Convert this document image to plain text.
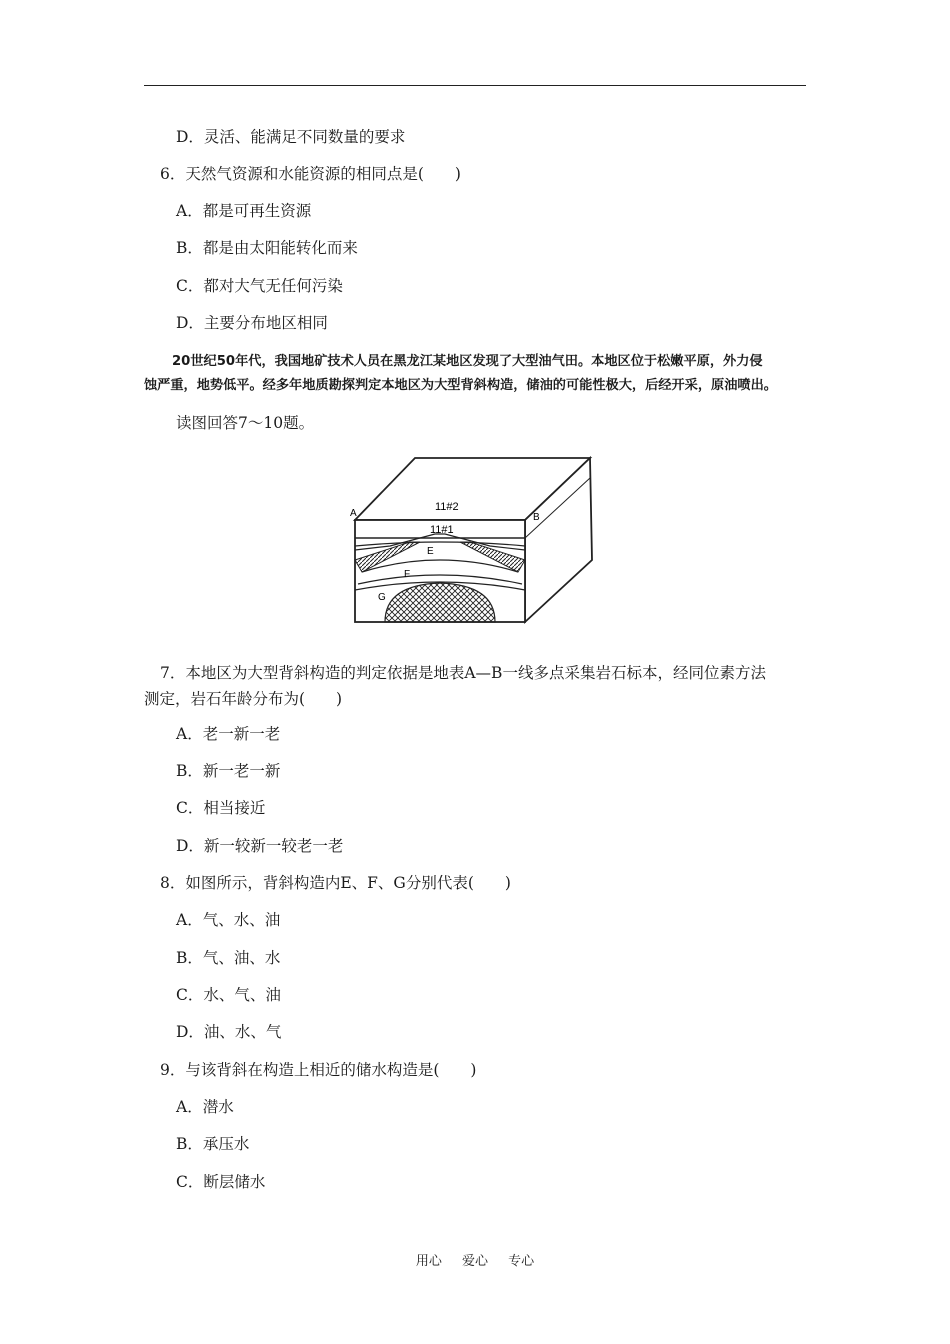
D．灵活、能满足不同数量的要求
6．天然气资源和水能资源的相同点是(　　)
A．都是可再生资源
B．都是由太阳能转化而来
C．都对大气无任何污染
D．主要分布地区相同
20世纪50年代，我国地矿技术人员在黑龙江某地区发现了大型油气田。本地区位于松嫩平原，外力侵
蚀严重，地势低平。经多年地质勘探判定本地区为大型背斜构造，储油的可能性极大，后经开采，原油喷出。
读图回答7～10题。
A	B
11#2
11#1
E
F
G
7．本地区为大型背斜构造的判定依据是地表A—B一线多点采集岩石标本，经同位素方法
测定，岩石年龄分布为(　　)
A．老一新一老
B．新一老一新
C．相当接近
D．新一较新一较老一老
8．如图所示，背斜构造内E、F、G分别代表(　　)
A．气、水、油
B．气、油、水
C．水、气、油
D．油、水、气
9．与该背斜在构造上相近的储水构造是(　　)
A．潜水
B．承压水
C．断层储水
用心 爱心 专心
